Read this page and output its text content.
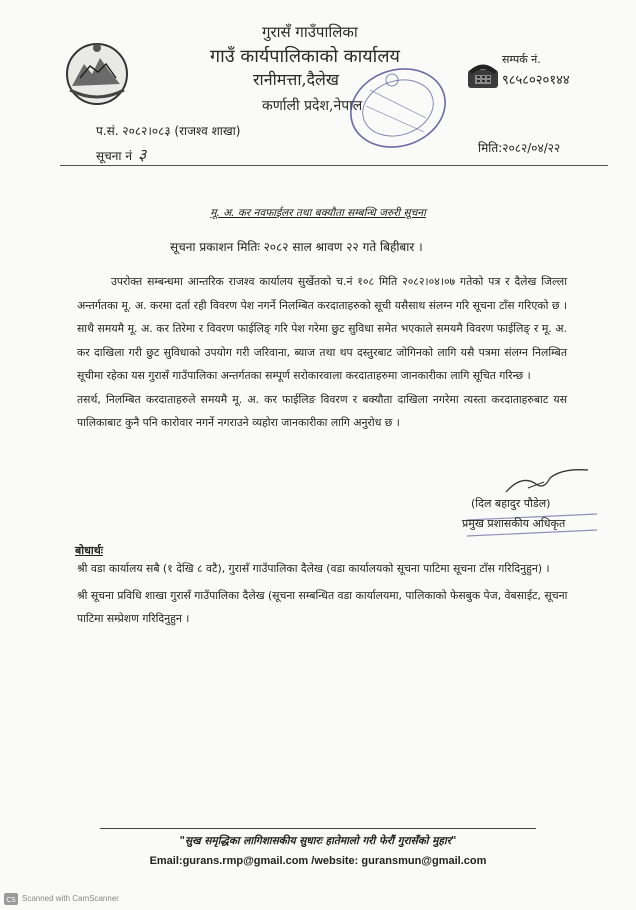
गुरासँ गाउँपालिका
गाउँ कार्यपालिकाको कार्यालय
रानीमत्ता,दैलेख
कर्णाली प्रदेश,नेपाल
सम्पर्क नं.
९८५८०२०१४४
प.सं. २०८२।०८३ (राजश्व शाखा)
सूचना नं ३	मिति:२०८२/०४/२२
मू. अ. कर नवफाईलर तथा बक्यौता सम्बन्धि जरुरी सूचना
सूचना प्रकाशन मितिः २०८२ साल श्रावण २२ गते बिहीबार ।

उपरोक्त सम्बन्धमा आन्तरिक राजश्व कार्यालय सुर्खेतको च.नं १०८ मिति २०८२।०४।०७ गतेको पत्र र दैलेख जिल्ला अन्तर्गतका मू. अ. करमा दर्ता रही विवरण पेश नगर्ने निलम्बित करदाताहरुको सूची यसैसाथ संलग्न गरि सूचना टाँस गरिएको छ ।साथै समयमै मू. अ. कर तिरेमा र विवरण फाईलिङ् गरि पेश गरेमा छुट सुविधा समेत भएकाले समयमै विवरण फाईलिङ् र मू. अ. कर दाखिला गरी छुट सुविधाको उपयोग गरी जरिवाना, ब्याज तथा थप दस्तुरबाट जोगिनको लागि यसै पत्रमा संलग्न निलम्बित सूचीमा रहेका यस गुरासँ गाउँपालिका अन्तर्गतका सम्पूर्ण सरोकारवाला करदाताहरुमा जानकारीका लागि सूचित गरिन्छ ।

तसर्थ, निलम्बित करदाताहरुले समयमै मू. अ. कर फाईलिङ विवरण र बक्यौता दाखिला नगरेमा त्यस्ता करदाताहरुबाट यस पालिकाबाट कुनै पनि कारोवार नगर्ने नगराउने व्यहोरा जानकारीका लागि अनुरोध छ ।

(दिल बहादुर पौडेल)
प्रमुख प्रशासकीय अधिकृत
बोधार्थः

श्री वडा कार्यालय सबै (१ देखि ८ वटै), गुरासँ गाउँपालिका दैलेख (वडा कार्यालयको सूचना पाटिमा सूचना टाँस गरिदिनुहुन) ।

श्री सूचना प्रविधि शाखा गुरासँ गाउँपालिका दैलेख (सूचना सम्बन्धित वडा कार्यालयमा, पालिकाको फेसबुक पेज, वेबसाईट, सूचना पाटिमा सम्प्रेशण गरिदिनुहुन ।

"सुख समृद्धिका लागिशासकीय सुधारः हातेमालो गरी फेरौं गुरासँको मुहार"
Email:gurans.rmp@gmail.com /website: guransmun@gmail.com
CS Scanned with CamScanner
